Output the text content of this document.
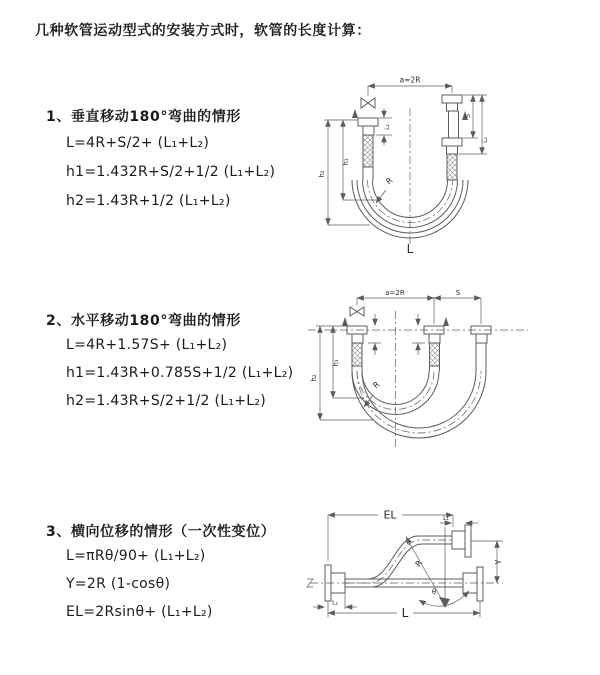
几种软管运动型式的安装方式时，软管的长度计算：
1、垂直移动180°弯曲的情形
L=4R+S/2+ (L₁+L₂)
h1=1.432R+S/2+1/2 (L₁+L₂)
h2=1.43R+1/2 (L₁+L₂)
a=2R
h₁
h₂
L₁
S
L₂
R
L
2、水平移动180°弯曲的情形
L=4R+1.57S+ (L₁+L₂)
h1=1.43R+0.785S+1/2 (L₁+L₂)
h2=1.43R+S/2+1/2 (L₁+L₂)
a=2R	S
h₁
h₂
R
3、横向位移的情形（一次性变位）
L=πRθ/90+ (L₁+L₂)
Y=2R (1-cosθ)
EL=2Rsinθ+ (L₁+L₂)
EL	L₁
Y
R
θ
L₁
L
